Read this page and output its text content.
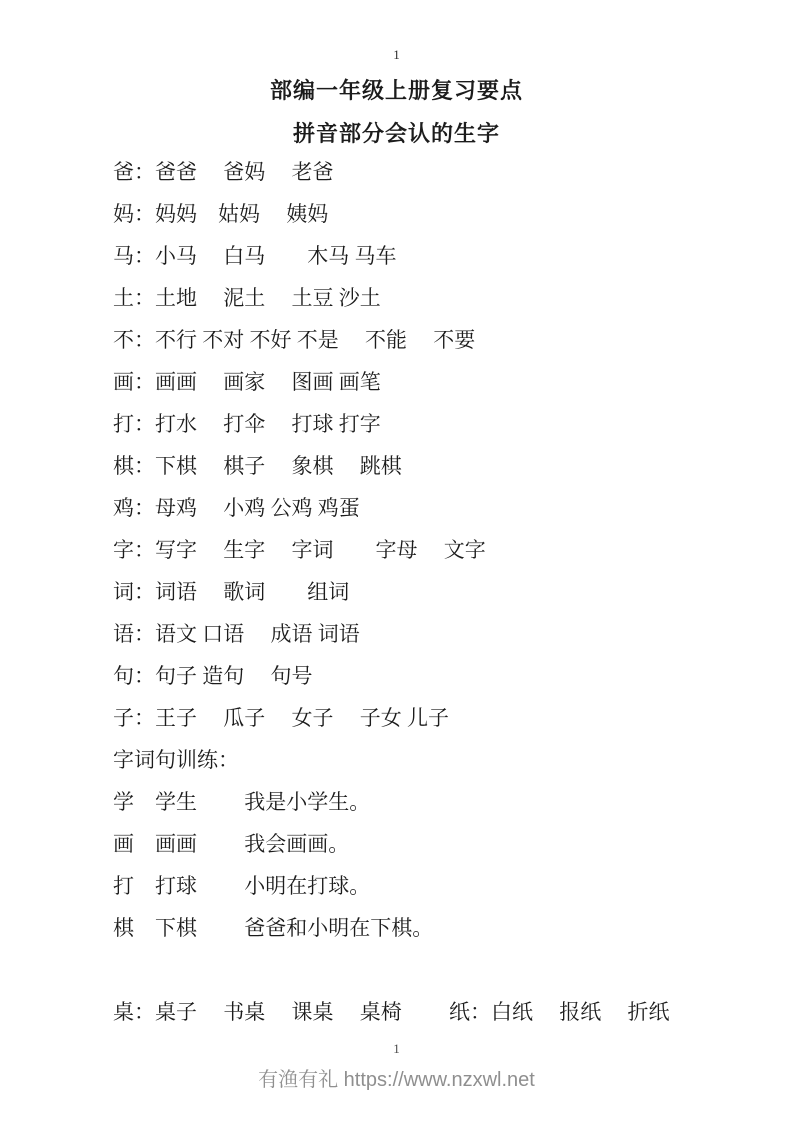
1
部编一年级上册复习要点
拼音部分会认的生字
爸：爸爸　 爸妈　 老爸
妈：妈妈　姑妈　 姨妈
马：小马　 白马　　木马 马车
土：土地　 泥土　 土豆 沙土
不：不行 不对 不好 不是　 不能　 不要
画：画画　 画家　 图画 画笔
打：打水　 打伞　 打球 打字
棋：下棋　 棋子　 象棋　 跳棋
鸡：母鸡　 小鸡 公鸡 鸡蛋
字：写字　 生字　 字词　　字母　 文字
词：词语　 歌词　　组词
语：语文 口语　 成语 词语
句：句子 造句　 句号
子：王子　 瓜子　 女子　 子女 儿子
字词句训练：
学　学生　　 我是小学生。
画　画画　　 我会画画。
打　打球　　 小明在打球。
棋　下棋　　 爸爸和小明在下棋。
桌：桌子　 书桌　 课桌　 桌椅　　 纸：白纸　 报纸　 折纸
1
有渔有礼 https://www.nzxwl.net
